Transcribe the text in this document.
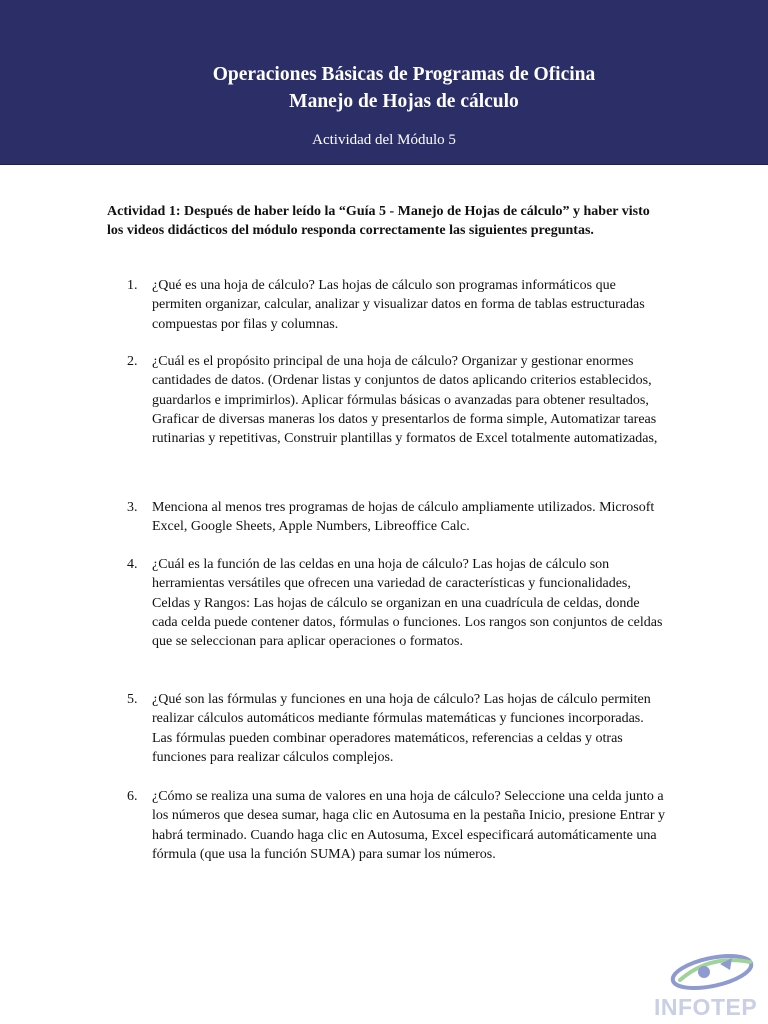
Operaciones Básicas de Programas de Oficina
Manejo de Hojas de cálculo

Actividad del Módulo 5

Actividad 1: Después de haber leído la “Guía 5 - Manejo de Hojas de cálculo” y haber visto los videos didácticos del módulo responda correctamente las siguientes preguntas.

1. ¿Qué es una hoja de cálculo? Las hojas de cálculo son programas informáticos que permiten organizar, calcular, analizar y visualizar datos en forma de tablas estructuradas compuestas por filas y columnas.
2. ¿Cuál es el propósito principal de una hoja de cálculo? Organizar y gestionar enormes cantidades de datos. (Ordenar listas y conjuntos de datos aplicando criterios establecidos, guardarlos e imprimirlos). Aplicar fórmulas básicas o avanzadas para obtener resultados, Graficar de diversas maneras los datos y presentarlos de forma simple, Automatizar tareas rutinarias y repetitivas, Construir plantillas y formatos de Excel totalmente automatizadas,
3. Menciona al menos tres programas de hojas de cálculo ampliamente utilizados. Microsoft Excel, Google Sheets, Apple Numbers, Libreoffice Calc.
4. ¿Cuál es la función de las celdas en una hoja de cálculo? Las hojas de cálculo son herramientas versátiles que ofrecen una variedad de características y funcionalidades, Celdas y Rangos: Las hojas de cálculo se organizan en una cuadrícula de celdas, donde cada celda puede contener datos, fórmulas o funciones. Los rangos son conjuntos de celdas que se seleccionan para aplicar operaciones o formatos.
5. ¿Qué son las fórmulas y funciones en una hoja de cálculo? Las hojas de cálculo permiten realizar cálculos automáticos mediante fórmulas matemáticas y funciones incorporadas. Las fórmulas pueden combinar operadores matemáticos, referencias a celdas y otras funciones para realizar cálculos complejos.
6. ¿Cómo se realiza una suma de valores en una hoja de cálculo? Seleccione una celda junto a los números que desea sumar, haga clic en Autosuma en la pestaña Inicio, presione Entrar y habrá terminado. Cuando haga clic en Autosuma, Excel especificará automáticamente una fórmula (que usa la función SUMA) para sumar los números.
INFOTEP
